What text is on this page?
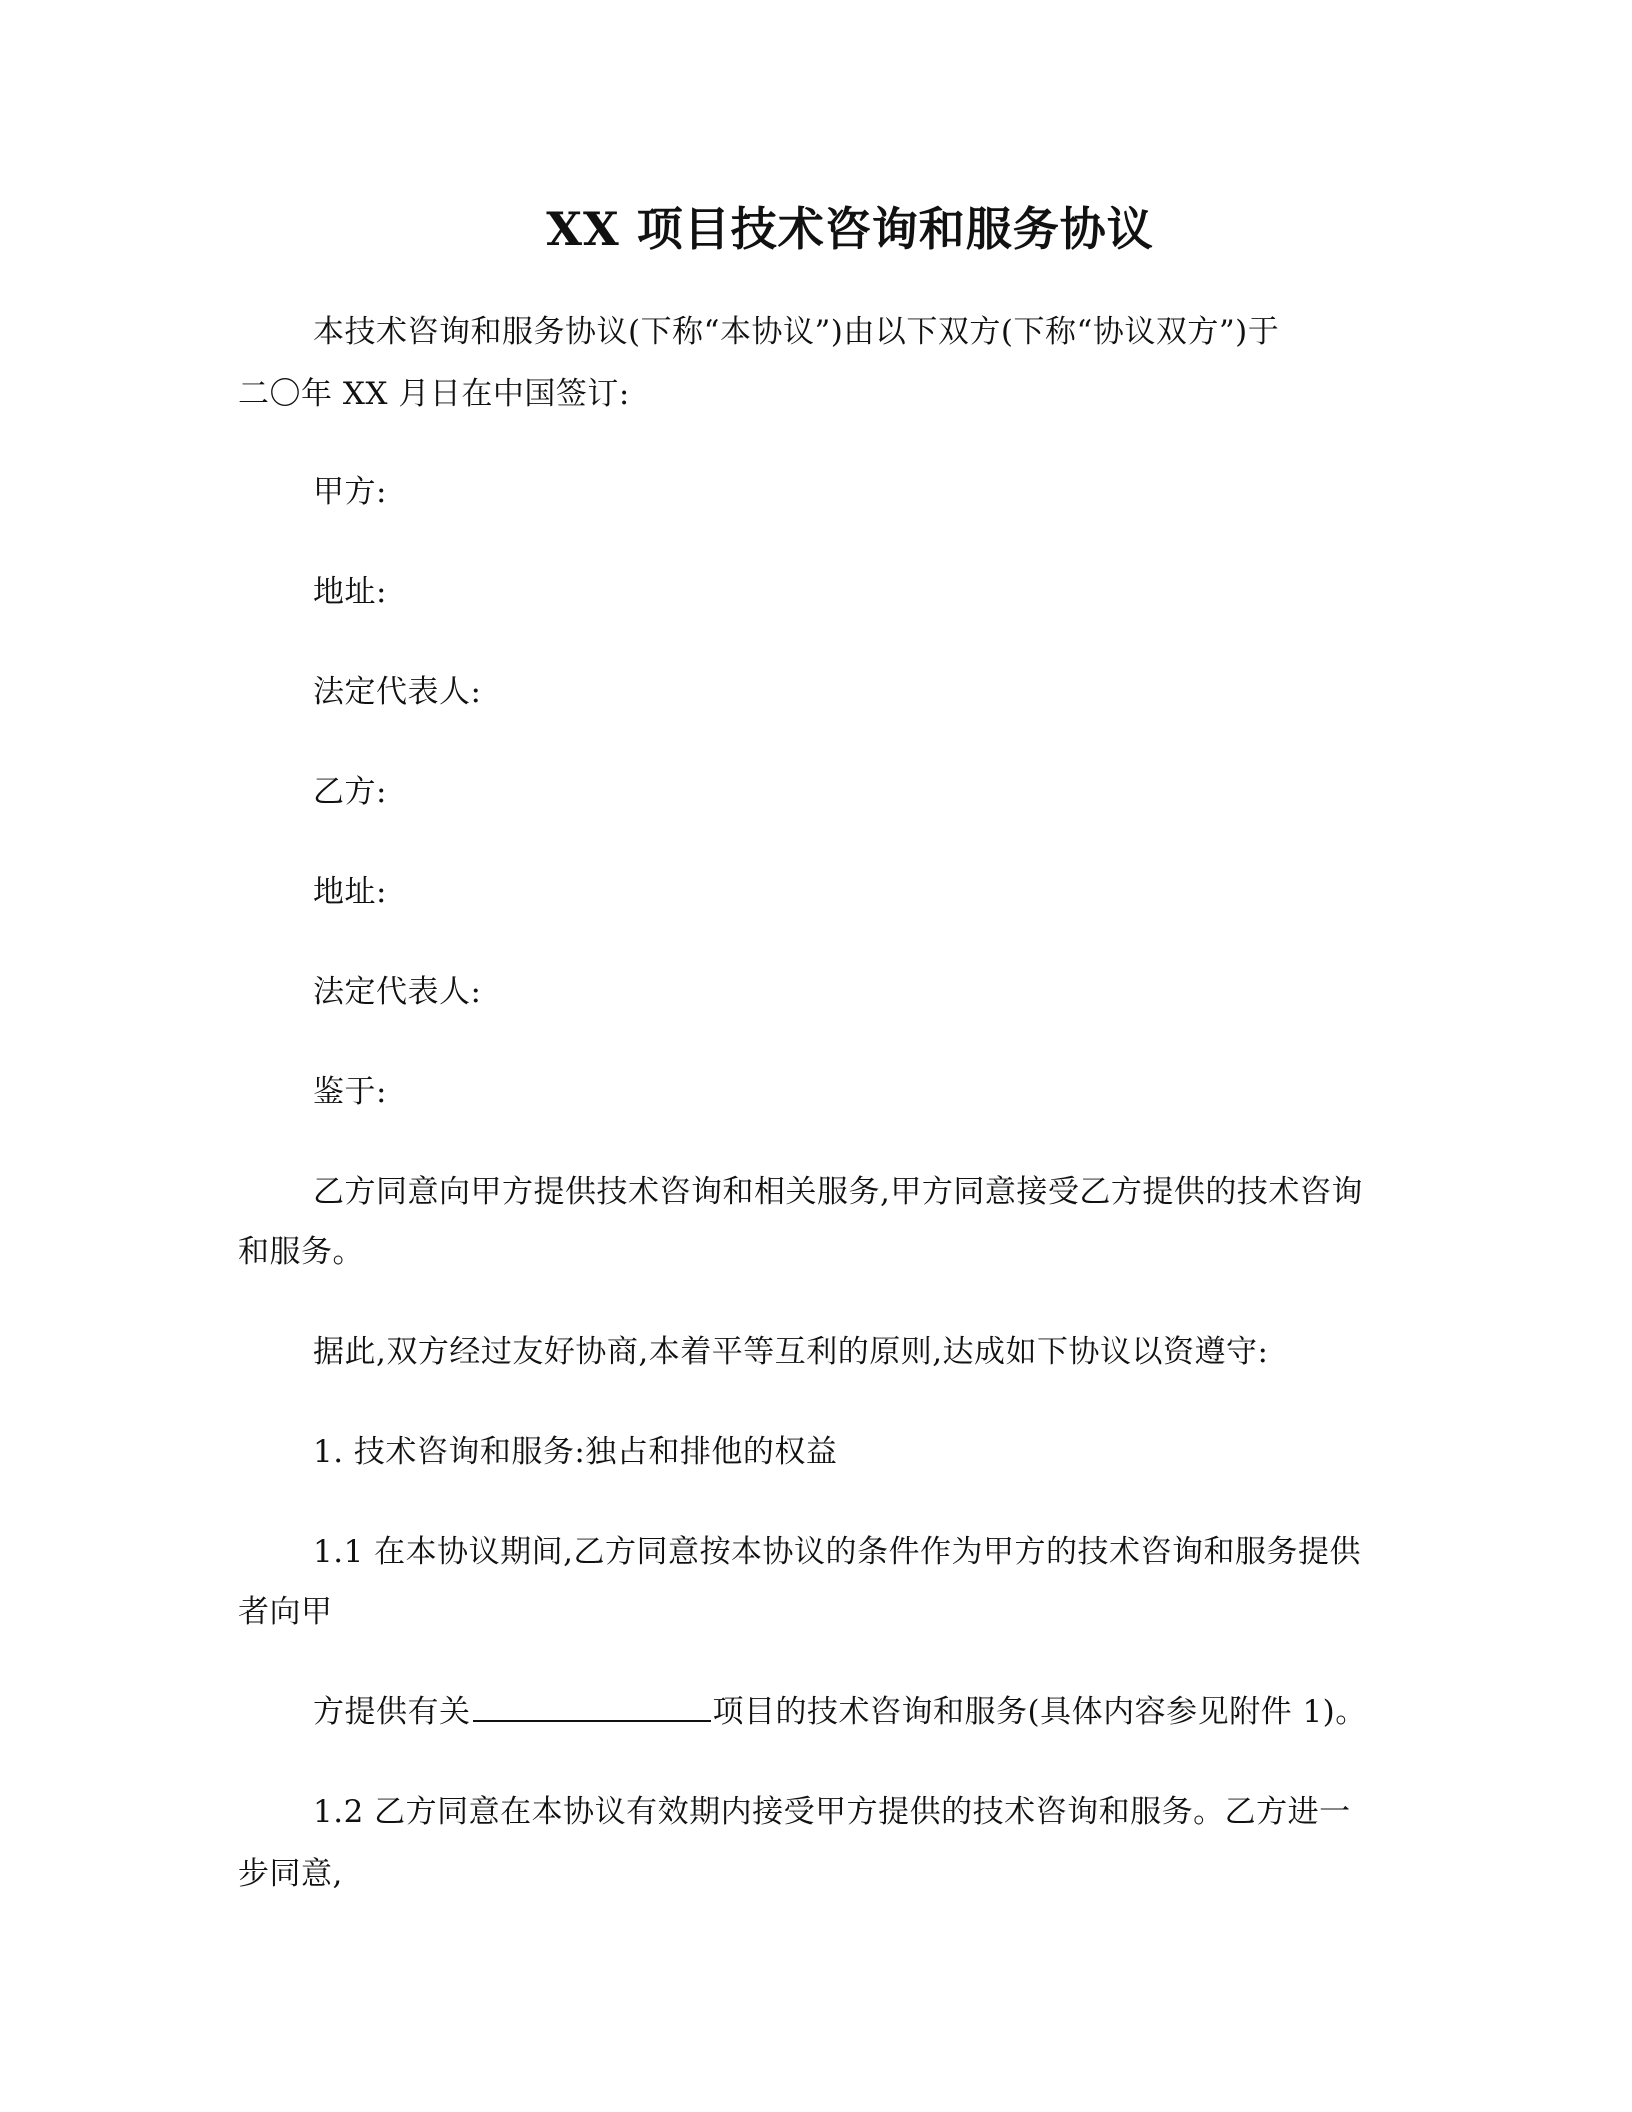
XX 项目技术咨询和服务协议
本技术咨询和服务协议(下称“本协议”)由以下双方(下称“协议双方”)于
二〇年 XX 月日在中国签订:
甲方:
地址:
法定代表人:
乙方:
地址:
法定代表人:
鉴于:
乙方同意向甲方提供技术咨询和相关服务,甲方同意接受乙方提供的技术咨询
和服务。
据此,双方经过友好协商,本着平等互利的原则,达成如下协议以资遵守:
1. 技术咨询和服务:独占和排他的权益
1.1 在本协议期间,乙方同意按本协议的条件作为甲方的技术咨询和服务提供
者向甲
方提供有关	项目的技术咨询和服务(具体内容参见附件 1)。
1.2 乙方同意在本协议有效期内接受甲方提供的技术咨询和服务。乙方进一
步同意,
